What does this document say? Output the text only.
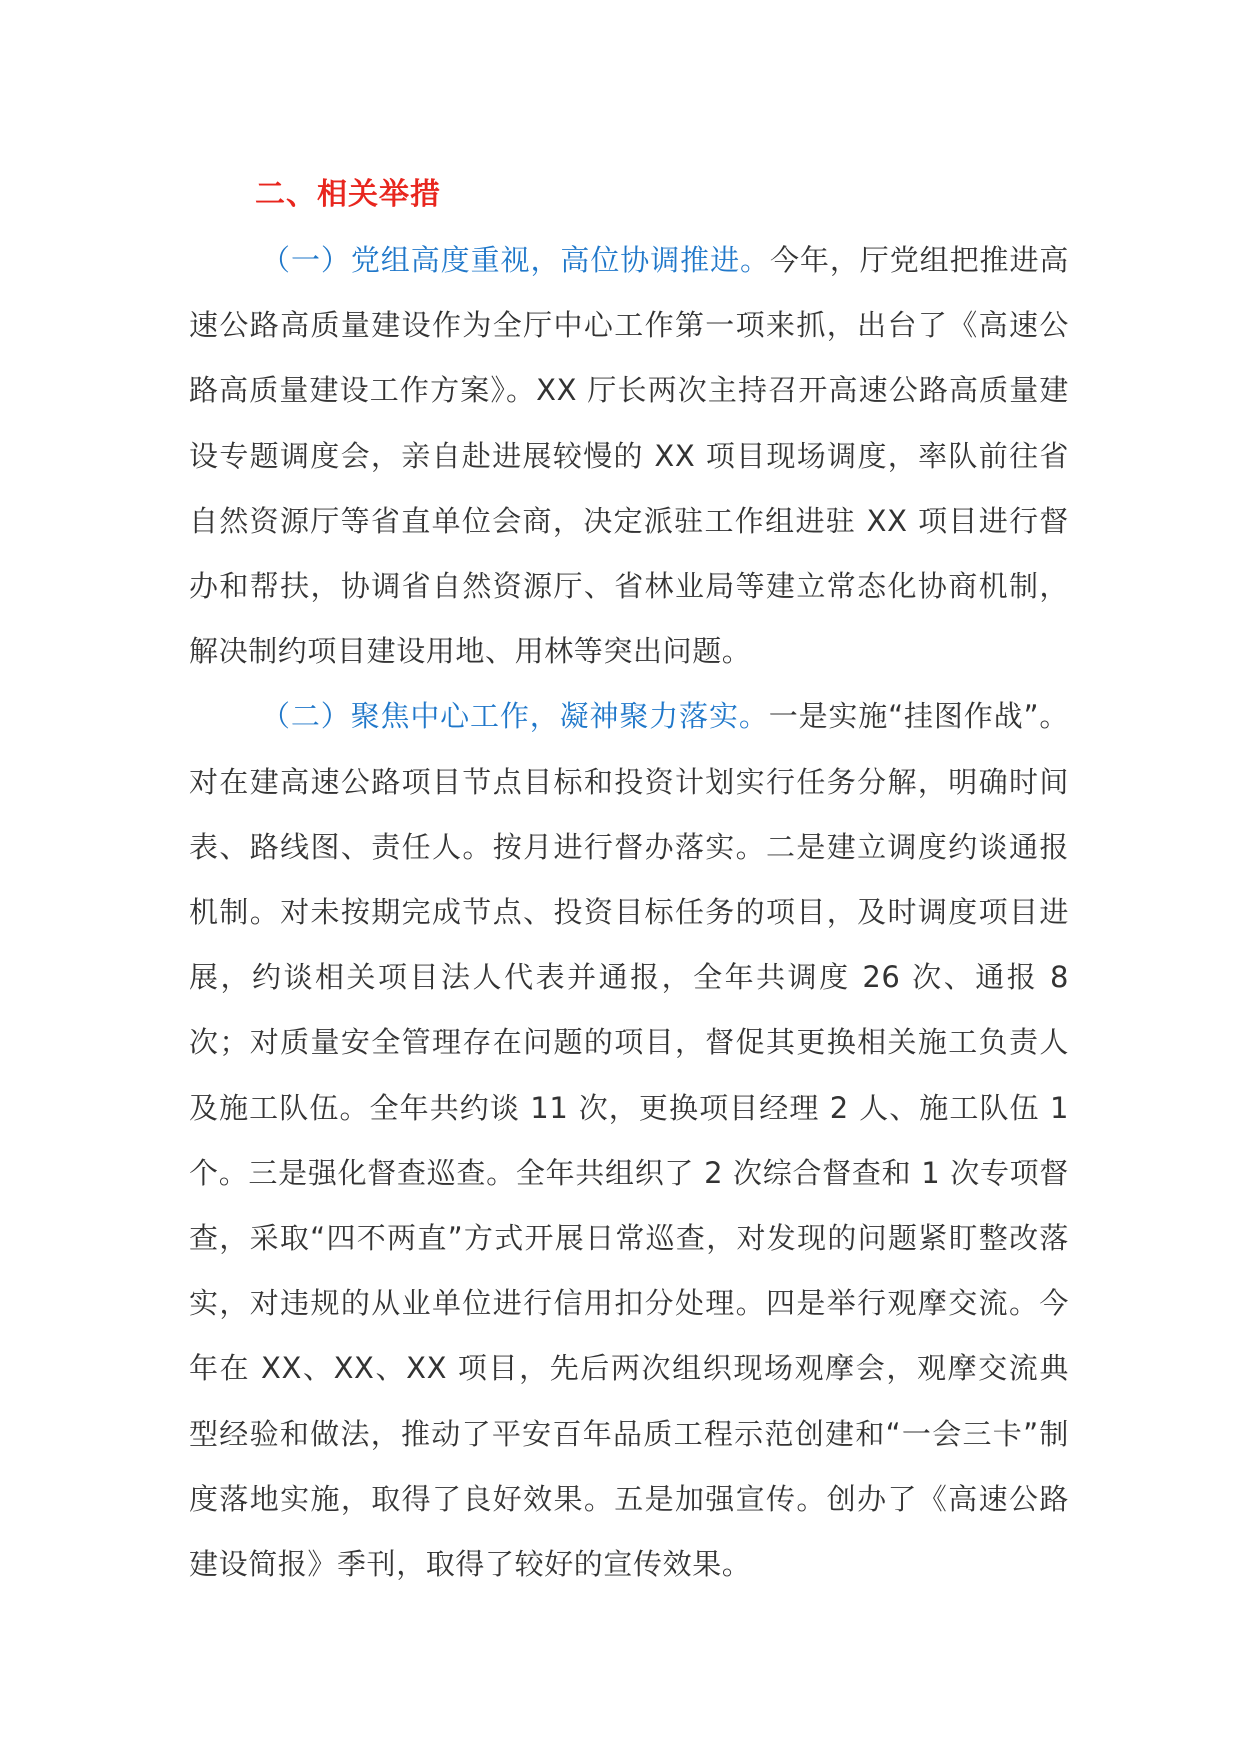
二、相关举措

（一）党组高度重视，高位协调推进。今年，厅党组把推进高速公路高质量建设作为全厅中心工作第一项来抓，出台了《高速公路高质量建设工作方案》。XX 厅长两次主持召开高速公路高质量建设专题调度会，亲自赴进展较慢的 XX 项目现场调度，率队前往省自然资源厅等省直单位会商，决定派驻工作组进驻 XX 项目进行督办和帮扶，协调省自然资源厅、省林业局等建立常态化协商机制，解决制约项目建设用地、用林等突出问题。

（二）聚焦中心工作，凝神聚力落实。一是实施“挂图作战”。对在建高速公路项目节点目标和投资计划实行任务分解，明确时间表、路线图、责任人。按月进行督办落实。二是建立调度约谈通报机制。对未按期完成节点、投资目标任务的项目，及时调度项目进展，约谈相关项目法人代表并通报，全年共调度 26 次、通报 8 次；对质量安全管理存在问题的项目，督促其更换相关施工负责人及施工队伍。全年共约谈 11 次，更换项目经理 2 人、施工队伍 1 个。三是强化督查巡查。全年共组织了 2 次综合督查和 1 次专项督查，采取“四不两直”方式开展日常巡查，对发现的问题紧盯整改落实，对违规的从业单位进行信用扣分处理。四是举行观摩交流。今年在 XX、XX、XX 项目，先后两次组织现场观摩会，观摩交流典型经验和做法，推动了平安百年品质工程示范创建和“一会三卡”制度落地实施，取得了良好效果。五是加强宣传。创办了《高速公路建设简报》季刊，取得了较好的宣传效果。
